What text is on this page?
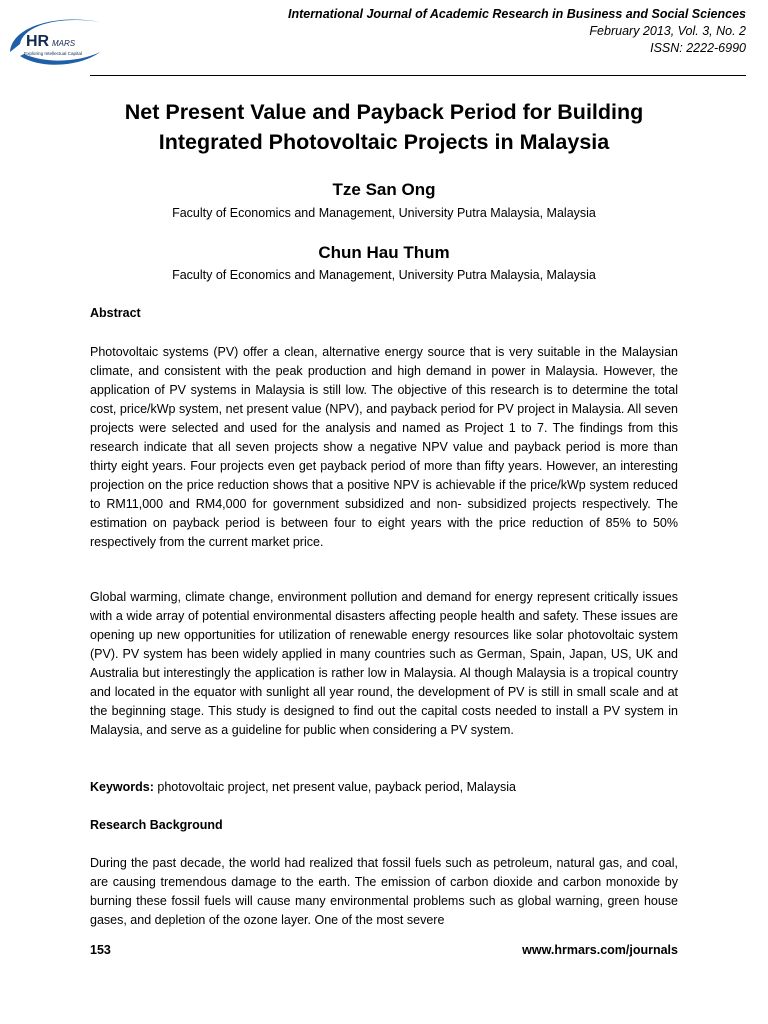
HR MARS
Exploring Intellectual Capital
International Journal of Academic Research in Business and Social Sciences
February 2013, Vol. 3, No. 2
ISSN: 2222-6990
Net Present Value and Payback Period for Building
Integrated Photovoltaic Projects in Malaysia
Tze San Ong
Faculty of Economics and Management, University Putra Malaysia, Malaysia
Chun Hau Thum
Faculty of Economics and Management, University Putra Malaysia, Malaysia
Abstract

Photovoltaic systems (PV) offer a clean, alternative energy source that is very suitable in the Malaysian climate, and consistent with the peak production and high demand in power in Malaysia. However, the application of PV systems in Malaysia is still low. The objective of this research is to determine the total cost, price/kWp system, net present value (NPV), and payback period for PV project in Malaysia. All seven projects were selected and used for the analysis and named as Project 1 to 7. The findings from this research indicate that all seven projects show a negative NPV value and payback period is more than thirty eight years. Four projects even get payback period of more than fifty years. However, an interesting projection on the price reduction shows that a positive NPV is achievable if the price/kWp system reduced to RM11,000 and RM4,000 for government subsidized and non- subsidized projects respectively. The estimation on payback period is between four to eight years with the price reduction of 85% to 50% respectively from the current market price.

Global warming, climate change, environment pollution and demand for energy represent critically issues with a wide array of potential environmental disasters affecting people health and safety. These issues are opening up new opportunities for utilization of renewable energy resources like solar photovoltaic system (PV). PV system has been widely applied in many countries such as German, Spain, Japan, US, UK and Australia but interestingly the application is rather low in Malaysia. Al though Malaysia is a tropical country and located in the equator with sunlight all year round, the development of PV is still in small scale and at the beginning stage. This study is designed to find out the capital costs needed to install a PV system in Malaysia, and serve as a guideline for public when considering a PV system.

Keywords: photovoltaic project, net present value, payback period, Malaysia
Research Background

During the past decade, the world had realized that fossil fuels such as petroleum, natural gas, and coal, are causing tremendous damage to the earth. The emission of carbon dioxide and carbon monoxide by burning these fossil fuels will cause many environmental problems such as global warning, green house gases, and depletion of the ozone layer. One of the most severe

153	www.hrmars.com/journals
